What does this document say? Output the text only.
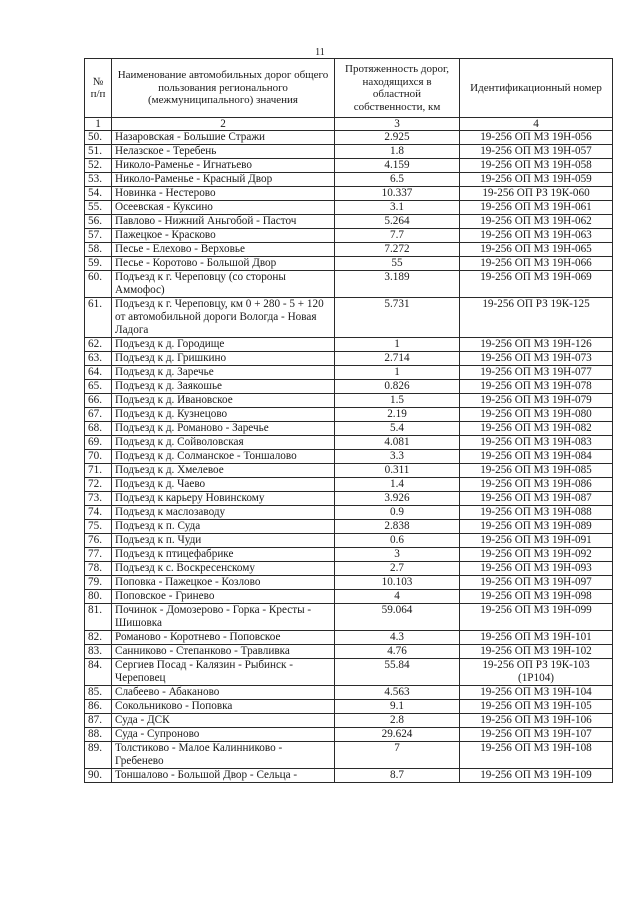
11
№ п/п	Наименование автомобильных дорог общего пользования регионального (межмуниципального) значения	Протяженность дорог, находящихся в областной собственности, км	Идентификационный номер
1	2	3	4
50.	Назаровская - Большие Стражи	2.925	19-256 ОП МЗ 19Н-056
51.	Нелазское - Теребень	1.8	19-256 ОП МЗ 19Н-057
52.	Николо-Раменье - Игнатьево	4.159	19-256 ОП МЗ 19Н-058
53.	Николо-Раменье - Красный Двор	6.5	19-256 ОП МЗ 19Н-059
54.	Новинка - Нестерово	10.337	19-256 ОП РЗ 19К-060
55.	Осеевская - Куксино	3.1	19-256 ОП МЗ 19Н-061
56.	Павлово - Нижний Аньгобой - Пасточ	5.264	19-256 ОП МЗ 19Н-062
57.	Пажецкое - Красково	7.7	19-256 ОП МЗ 19Н-063
58.	Песье - Елехово - Верховье	7.272	19-256 ОП МЗ 19Н-065
59.	Песье - Коротово - Большой Двор	55	19-256 ОП МЗ 19Н-066
60.	Подъезд к г. Череповцу (со стороны Аммофос)	3.189	19-256 ОП МЗ 19Н-069
61.	Подъезд к г. Череповцу, км 0 + 280 - 5 + 120 от автомобильной дороги Вологда - Новая Ладога	5.731	19-256 ОП РЗ 19К-125
62.	Подъезд к д. Городище	1	19-256 ОП МЗ 19Н-126
63.	Подъезд к д. Гришкино	2.714	19-256 ОП МЗ 19Н-073
64.	Подъезд к д. Заречье	1	19-256 ОП МЗ 19Н-077
65.	Подъезд к д. Заякошье	0.826	19-256 ОП МЗ 19Н-078
66.	Подъезд к д. Ивановское	1.5	19-256 ОП МЗ 19Н-079
67.	Подъезд к д. Кузнецово	2.19	19-256 ОП МЗ 19Н-080
68.	Подъезд к д. Романово - Заречье	5.4	19-256 ОП МЗ 19Н-082
69.	Подъезд к д. Сойволовская	4.081	19-256 ОП МЗ 19Н-083
70.	Подъезд к д. Солманское - Тоншалово	3.3	19-256 ОП МЗ 19Н-084
71.	Подъезд к д. Хмелевое	0.311	19-256 ОП МЗ 19Н-085
72.	Подъезд к д. Чаево	1.4	19-256 ОП МЗ 19Н-086
73.	Подъезд к карьеру Новинскому	3.926	19-256 ОП МЗ 19Н-087
74.	Подъезд к маслозаводу	0.9	19-256 ОП МЗ 19Н-088
75.	Подъезд к п. Суда	2.838	19-256 ОП МЗ 19Н-089
76.	Подъезд к п. Чуди	0.6	19-256 ОП МЗ 19Н-091
77.	Подъезд к птицефабрике	3	19-256 ОП МЗ 19Н-092
78.	Подъезд к с. Воскресенскому	2.7	19-256 ОП МЗ 19Н-093
79.	Поповка - Пажецкое - Козлово	10.103	19-256 ОП МЗ 19Н-097
80.	Поповское - Гринево	4	19-256 ОП МЗ 19Н-098
81.	Починок - Домозерово - Горка - Кресты - Шишовка	59.064	19-256 ОП МЗ 19Н-099
82.	Романово - Коротнево - Поповское	4.3	19-256 ОП МЗ 19Н-101
83.	Санниково - Степанково - Травливка	4.76	19-256 ОП МЗ 19Н-102
84.	Сергиев Посад - Калязин - Рыбинск - Череповец	55.84	19-256 ОП РЗ 19К-103 (1Р104)
85.	Слабеево - Абаканово	4.563	19-256 ОП МЗ 19Н-104
86.	Сокольниково - Поповка	9.1	19-256 ОП МЗ 19Н-105
87.	Суда - ДСК	2.8	19-256 ОП МЗ 19Н-106
88.	Суда - Супроново	29.624	19-256 ОП МЗ 19Н-107
89.	Толстиково - Малое Калинниково - Гребенево	7	19-256 ОП МЗ 19Н-108
90.	Тоншалово - Большой Двор - Сельца -	8.7	19-256 ОП МЗ 19Н-109
